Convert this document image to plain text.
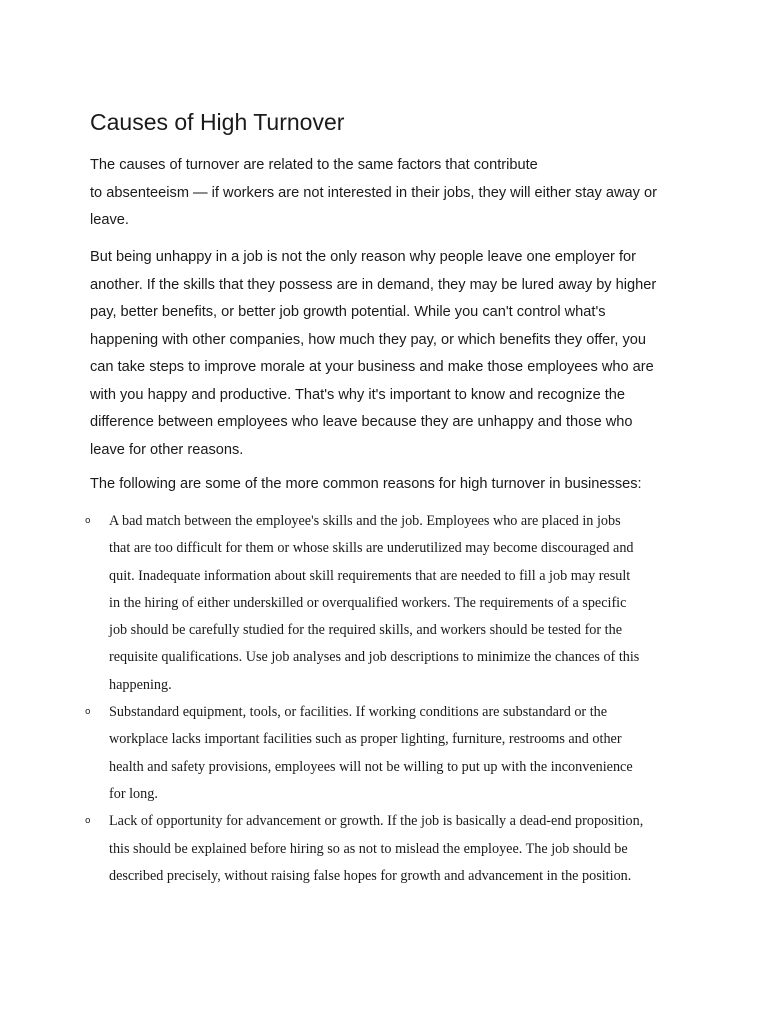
Causes of High Turnover

The causes of turnover are related to the same factors that contribute
to absenteeism — if workers are not interested in their jobs, they will either stay away or
leave.

But being unhappy in a job is not the only reason why people leave one employer for
another. If the skills that they possess are in demand, they may be lured away by higher
pay, better benefits, or better job growth potential. While you can't control what's
happening with other companies, how much they pay, or which benefits they offer, you
can take steps to improve morale at your business and make those employees who are
with you happy and productive. That's why it's important to know and recognize the
difference between employees who leave because they are unhappy and those who
leave for other reasons.

The following are some of the more common reasons for high turnover in businesses:

o A bad match between the employee's skills and the job. Employees who are placed in jobs
that are too difficult for them or whose skills are underutilized may become discouraged and
quit. Inadequate information about skill requirements that are needed to fill a job may result
in the hiring of either underskilled or overqualified workers. The requirements of a specific
job should be carefully studied for the required skills, and workers should be tested for the
requisite qualifications. Use job analyses and job descriptions to minimize the chances of this
happening.
o Substandard equipment, tools, or facilities. If working conditions are substandard or the
workplace lacks important facilities such as proper lighting, furniture, restrooms and other
health and safety provisions, employees will not be willing to put up with the inconvenience
for long.
o Lack of opportunity for advancement or growth. If the job is basically a dead-end proposition,
this should be explained before hiring so as not to mislead the employee. The job should be
described precisely, without raising false hopes for growth and advancement in the position.
